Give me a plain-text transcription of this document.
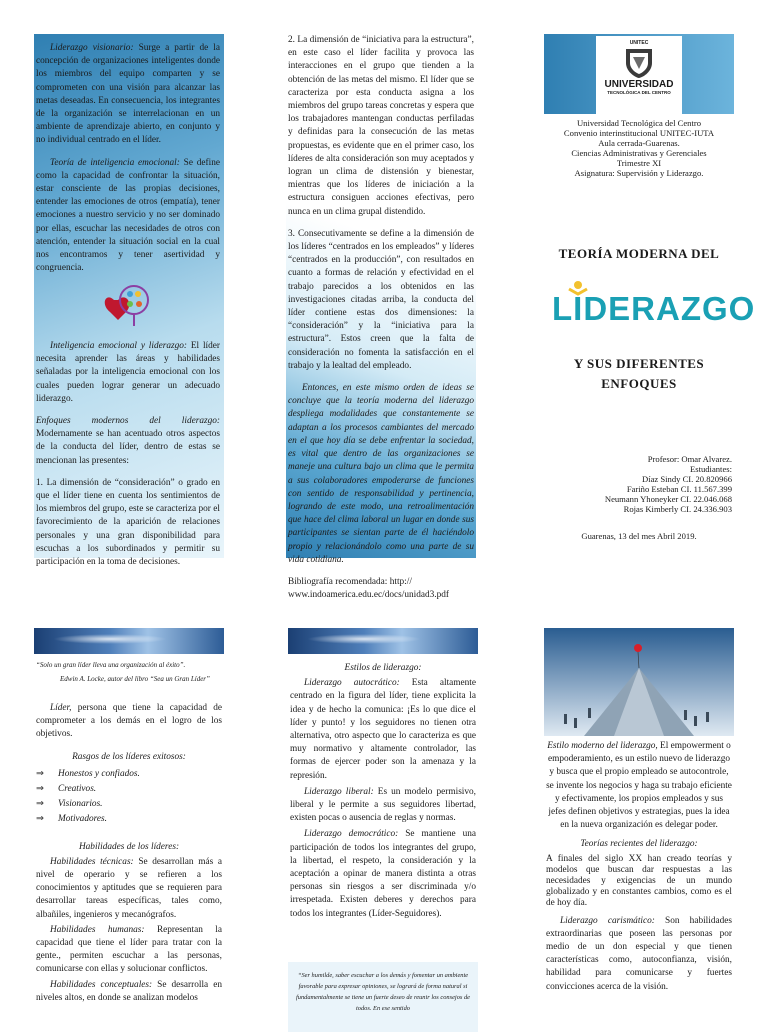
Liderazgo visionario: Surge a partir de la concepción de organizaciones inteligentes donde los miembros del equipo comparten y se comprometen con una visión para alcanzar las metas deseadas. En consecuencia, los integrantes de la organización se interrelacionan en un ambiente de aprendizaje abierto, en conjunto y no individual centrado en el líder.

Teoría de inteligencia emocional: Se define como la capacidad de confrontar la situación, estar consciente de las propias decisiones, entender las emociones de otros (empatía), tener emociones a nuestro servicio y no ser dominado por ellas, escuchar las necesidades de otros con atención, entender la situación social en la cual nos encontramos y tener asertividad y congruencia.

Inteligencia emocional y liderazgo: El líder necesita aprender las áreas y habilidades señaladas por la inteligencia emocional con los cuales pueden lograr generar un adecuado liderazgo.

Enfoques modernos del liderazgo: Modernamente se han acentuado otros aspectos de la conducta del líder, dentro de estas se mencionan las presentes:

1. La dimensión de “consideración” o grado en que el líder tiene en cuenta los sentimientos de los miembros del grupo, este se caracteriza por el favorecimiento de la aparición de relaciones personales y una gran disponibilidad para escuchas a los subordinados y permitir su participación en la toma de decisiones.

2. La dimensión de “iniciativa para la estructura”, en este caso el líder facilita y provoca las interacciones en el grupo que tienden a la obtención de las metas del mismo. El líder que se caracteriza por esta conducta asigna a los miembros del grupo tareas concretas y espera que los trabajadores mantengan conductas perfiladas y definidas para la consecución de las metas propuestas, es evidente que en el primer caso, los líderes de alta consideración son muy aceptados y logran un clima de distensión y bienestar, mientras que los líderes de iniciación a la estructura consiguen acciones efectivas, pero nunca en un clima grupal distendido.

3. Consecutivamente se define a la dimensión de los líderes “centrados en los empleados” y líderes “centrados en la producción”, con resultados en cuanto a formas de relación y efectividad en el trabajo parecidos a los obtenidos en las investigaciones citadas arriba, la conducta del líder contiene estas dos dimensiones: la “consideración” y la “iniciativa para la estructura”. Estos creen que la falta de consideración no fomenta la satisfacción en el trabajo y la lealtad del empleado.

Entonces, en este mismo orden de ideas se concluye que la teoría moderna del liderazgo despliega modalidades que constantemente se adaptan a los procesos cambiantes del mercado en el que hoy día se debe enfrentar la sociedad, es vital que dentro de las organizaciones se maneje una cultura bajo un clima que le permita a sus colaboradores empoderarse de funciones con sentido de responsabilidad y pertinencia, logrando de este modo, una retroalimentación que hace del clima laboral un lugar en donde sus participantes se sientan parte de él haciéndolo propio y relacionándolo como una parte de su vida cotidiana.

Bibliografía recomendada: http:// www.indoamerica.edu.ec/docs/unidad3.pdf

UNITEC
UNIVERSIDAD
TECNOLÓGICA DEL CENTRO
Universidad Tecnológica del Centro
Convenio interinstitucional UNITEC-IUTA
Aula cerrada-Guarenas.
Ciencias Administrativas y Gerenciales
Trimestre XI
Asignatura: Supervisión y Liderazgo.
TEORÍA MODERNA DEL
LIDERAZGO
Y SUS DIFERENTES
ENFOQUES
Profesor: Omar Alvarez.
Estudiantes:
Díaz Sindy CI. 20.820966
Fariño Esteban CI. 11.567.399
Neumann Yhoneyker CI. 22.046.068
Rojas Kimberly CI. 24.336.903
Guarenas, 13 del mes Abril 2019.
“Solo un gran líder lleva una organización al éxito”.
Edwin A. Locke, autor del libro “Sea un Gran Líder”

Líder, persona que tiene la capacidad de comprometer a los demás en el logro de los objetivos.

Rasgos de los líderes exitosos:

⇒ Honestos y confiados.
⇒ Creativos.
⇒ Visionarios.
⇒ Motivadores.

Habilidades de los líderes:

Habilidades técnicas: Se desarrollan más a nivel de operario y se refieren a los conocimientos y aptitudes que se requieren para desarrollar tareas específicas, tales como, albañiles, ingenieros y mecanógrafos.

Habilidades humanas: Representan la capacidad que tiene el líder para tratar con la gente., permiten escuchar a las personas, comunicarse con ellas y solucionar conflictos.

Habilidades conceptuales: Se desarrolla en niveles altos, en donde se analizan modelos

Estilos de liderazgo:

Liderazgo autocrático: Esta altamente centrado en la figura del líder, tiene explicita la idea y de hecho la comunica: ¡Es lo que dice el líder y punto! y los seguidores no tienen otra alternativa, otro aspecto que lo caracteriza es que muy normativo y altamente controlador, las formas de ejercer poder son la amenaza y la represión.

Liderazgo liberal: Es un modelo permisivo, liberal y le permite a sus seguidores libertad, existen pocas o ausencia de reglas y normas.

Liderazgo democrático: Se mantiene una participación de todos los integrantes del grupo, la libertad, el respeto, la consideración y la aceptación a opinar de manera distinta a otras personas sin riesgos a ser discriminada y/o irrespetada. Existen deberes y derechos para todos los integrantes (Líder-Seguidores).

“Ser humilde, saber escuchar a los demás y fomentar un ambiente favorable para expresar opiniones, se logrará de forma natural si fundamentalmente se tiene un fuerte deseo de reunir los consejos de todos. En ese sentido

Estilo moderno del liderazgo, El empowerment o empoderamiento, es un estilo nuevo de liderazgo y busca que el propio empleado se autocontrole, se invente los negocios y haga su trabajo eficiente y efectivamente, los propios empleados y sus jefes definen objetivos y estrategias, pues la idea en la nueva organización es delegar poder.

Teorías recientes del liderazgo:

A finales del siglo XX han creado teorías y modelos que buscan dar respuestas a las necesidades y exigencias de un mundo globalizado y en constantes cambios, como es el de hoy día.

Liderazgo carismático: Son habilidades extraordinarias que poseen las personas por medio de un don especial y que tienen características como, autoconfianza, visión, habilidad para comunicarse y fuertes convicciones acerca de la visión.
